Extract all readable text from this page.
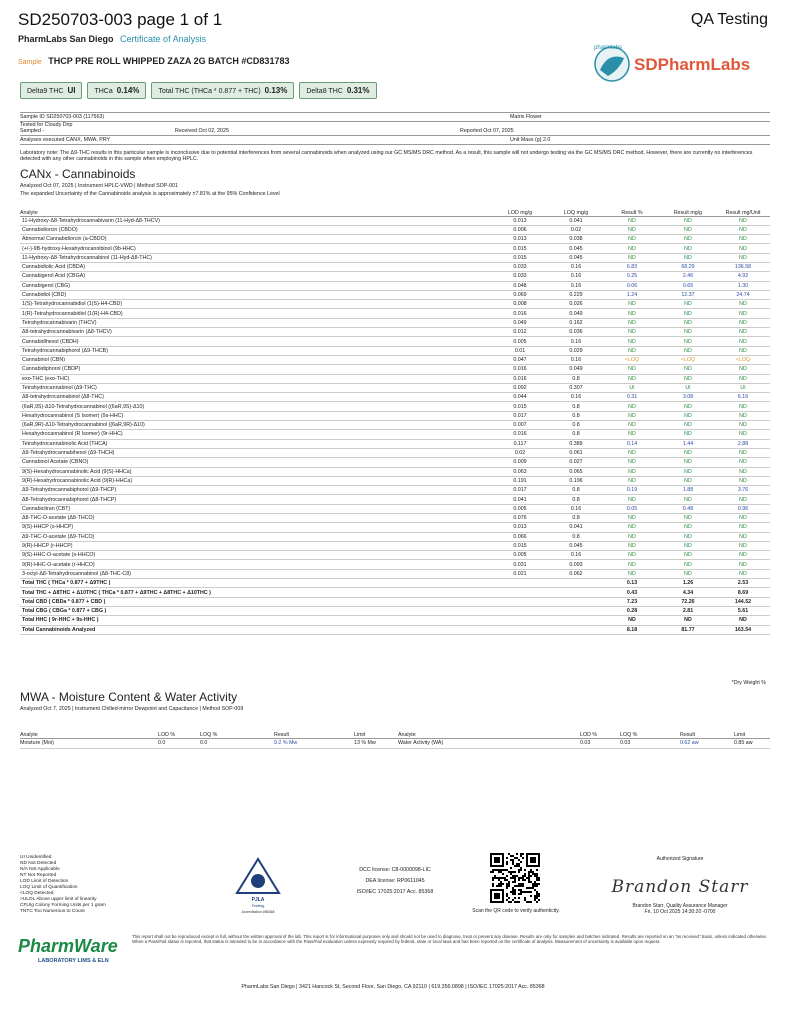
SD250703-003 page 1 of 1	QA Testing
PharmLabs San Diego Certificate of Analysis
Sample THCP PRE ROLL WHIPPED ZAZA 2G BATCH #CD831783
pharmlabs
SDPharmLabs
Delta9 THC UI	THCa 0.14%	Total THC (THCa * 0.877 + THC) 0.13%	Delta8 THC 0.31%
Sample ID SD250703-003 (117563)	Matrix Flower
Tested for Cloudy Drip
Sampled -	Received Oct 02, 2025	Reported Oct 07, 2025
Analyses executed CANX, MWA, PRY	Unit Mass (g) 2.0
Laboratory note: The Δ9-THC results in this particular sample is inconclusive due to potential interferences from several cannabinoids when analyzed using our GC MS/MS DRC method. As a result, this sample will not undergo testing via the GC MS/MS DRC method. However, there are currently no interferences detected with any other cannabinoids in this sample when employing HPLC.
CANx - Cannabinoids
Analyzed Oct 07, 2025 | Instrument HPLC-VWD | Method SOP-001
The expanded Uncertainty of the Cannabinoids analysis is approximately ±7.81% at the 95% Confidence Level
Analyte	LOD mg/g	LOQ mg/g	Result %	Result mg/g	Result mg/Unit
11-Hydroxy-Δ8-Tetrahydrocannabivarin (11-Hyd-Δ8-THCV)	0.013	0.041	ND	ND	ND
Cannabidiorcin (CBDO)	0.006	0.02	ND	ND	ND
Abnormal Cannabidiorcin (a-CBDO)	0.013	0.038	ND	ND	ND
(+/-)-9B-hydroxy-Hexahydrocannibinol (9b-HHC)	0.015	0.045	ND	ND	ND
11-Hydroxy-Δ8-Tetrahydrocannabinol (11-Hyd-Δ8-THC)	0.015	0.045	ND	ND	ND
Cannabidiolic Acid (CBDA)	0.033	0.16	6.83	68.29	136.58
Cannabigerol Acid (CBGA)	0.033	0.16	0.25	2.46	4.92
Cannabigerol (CBG)	0.048	0.16	0.06	0.65	1.30
Cannabidiol (CBD)	0.069	0.229	1.24	12.37	24.74
1(S)-Tetrahydrocannabidiol (1(S)-H4-CBD)	0.008	0.026	ND	ND	ND
1(R)-Tetrahydrocannabidiol (1(R)-H4-CBD)	0.016	0.049	ND	ND	ND
Tetrahydrocannabivarin (THCV)	0.049	0.162	ND	ND	ND
Δ8-tetrahydrocannabivarin (Δ8-THCV)	0.012	0.036	ND	ND	ND
Cannabidihexol (CBDH)	0.005	0.16	ND	ND	ND
Tetrahydrocannabiphorol (Δ9-THCB)	0.01	0.029	ND	ND	ND
Cannabinol (CBN)	0.047	0.16	<LOQ	<LOQ	<LOQ
Cannabidiphorol (CBDP)	0.016	0.049	ND	ND	ND
exo-THC (exo-THC)	0.016	0.8	ND	ND	ND
Tetrahydrocannabinol (Δ9-THC)	0.092	0.307	UI	UI	UI
Δ8-tetrahydrocannabinol (Δ8-THC)	0.044	0.16	0.31	3.08	6.16
(6aR,9S)-Δ10-Tetrahydrocannabinol ((6aR,9S)-Δ10)	0.015	0.8	ND	ND	ND
Hexahydrocannabinol (S Isomer) (9s-HHC)	0.017	0.8	ND	ND	ND
(6aR,9R)-Δ10-Tetrahydrocannabinol ((6aR,9R)-Δ10)	0.007	0.8	ND	ND	ND
Hexahydrocannabinol (R Isomer) (9r-HHC)	0.016	0.8	ND	ND	ND
Tetrahydrocannabinolic Acid (THCA)	0.117	0.389	0.14	1.44	2.88
Δ9-Tetrahydrocannabihexol (Δ9-THCH)	0.02	0.061	ND	ND	ND
Cannabinol Acetate (CBNO)	0.009	0.027	ND	ND	ND
9(S)-Hexahydrocannabinolic Acid (9(S)-HHCa)	0.063	0.065	ND	ND	ND
9(R)-Hexahydrocannabinolic Acid (9(R)-HHCa)	0.191	0.196	ND	ND	ND
Δ9-Tetrahydrocannabiphorol (Δ9-THCP)	0.017	0.8	0.19	1.88	3.76
Δ8-Tetrahydrocannabiphorol (Δ8-THCP)	0.041	0.8	ND	ND	ND
Cannabicitran (CBT)	0.005	0.16	0.05	0.48	0.96
Δ8-THC-O-acetate (Δ8-THCO)	0.076	0.8	ND	ND	ND
9(S)-HHCP (s-HHCP)	0.013	0.041	ND	ND	ND
Δ9-THC-O-acetate (Δ9-THCO)	0.066	0.8	ND	ND	ND
9(R)-HHCP (r-HHCP)	0.015	0.045	ND	ND	ND
9(S)-HHC-O-acetate (s-HHCO)	0.005	0.16	ND	ND	ND
9(R)-HHC-O-acetate (r-HHCO)	0.031	0.093	ND	ND	ND
3-octyl-Δ8-Tetrahydrocannabinol (Δ8-THC-C8)	0.021	0.062	ND	ND	ND
Total THC ( THCa * 0.877 + Δ9THC )			0.13	1.26	2.53
Total THC + Δ8THC + Δ10THC ( THCa * 0.877 + Δ9THC + Δ8THC + Δ10THC )			0.43	4.34	8.69
Total CBD ( CBDa * 0.877 + CBD )			7.23	72.26	144.52
Total CBG ( CBGa * 0.877 + CBG )			0.28	2.81	5.61
Total HHC ( 9r-HHC + 9s-HHC )			ND	ND	ND
Total Cannabinoids Analyzed			8.18	81.77	163.54
*Dry Weight %
MWA - Moisture Content & Water Activity
Analyzed Oct 7, 2025 | Instrument Chilled-mirror Dewpoint and Capacitance | Method SOP-009
Analyte	LOD %	LOQ %	Result	Limit	Analyte	LOD %	LOQ %	Result	Limit
Moisture (Moi)	0.0	0.0	9.2 % Mw	13 % Mw	Water Activity (WA)	0.03	0.03	0.62 aw	0.85 aw
UI Unidentified
ND Not Detected
N/A Not Applicable
NT Not Reported
LOD Limit of Detection
LOQ Limit of Quantification
<LOQ Detected
>ULOL Above upper limit of linearity
CFU/g Colony Forming Units per 1 gram
TNTC Too Numerous to Count
PharmWare
LABORATORY LIMS & ELN
PJLA
Testing
Accreditation #85368
DCC license: C8-0000098-LIC
DEA license: RP0611045
ISO/IEC 17025:2017 Acc. 85368
Scan the QR code to verify authenticity.
Authorized Signature
Brandon Starr
Brandon Starr, Quality Assurance Manager
Fri, 10 Oct 2025 14:30:20 -0700
This report shall not be reproduced except in full, without the written approval of the lab. This report is for informational purposes only and should not be used to diagnose, treat or prevent any disease. Results are only for samples and batches indicated. Results are reported on an "as received" basis, unless indicated otherwise. When a Pass/Fail status is reported, that status is intended to be in accordance with the Pass/Fail evaluation unless expressly required by federal, state or local laws and has been reported on the certificate of analysis. Measurement of uncertainty is available upon request.
PharmLabs San Diego | 3421 Hancock St, Second Floor, San Diego, CA 92110 | 619.356.0898 | ISO/IEC 17025:2017 Acc. 85368
